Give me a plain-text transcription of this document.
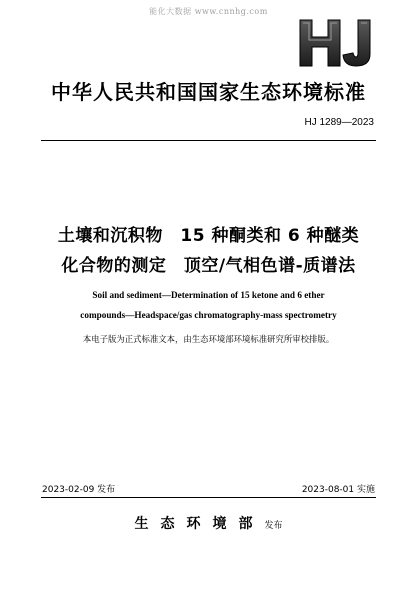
能化大数据 www.cnnhg.com
中华人民共和国国家生态环境标准
HJ 1289—2023
土壤和沉积物　15 种酮类和 6 种醚类
化合物的测定　顶空/气相色谱-质谱法
Soil and sediment—Determination of 15 ketone and 6 ether
compounds—Headspace/gas chromatography-mass spectrometry
本电子版为正式标准文本，由生态环境部环境标准研究所审校排版。
2023-02-09 发布	2023-08-01 实施
生态环境部发布
